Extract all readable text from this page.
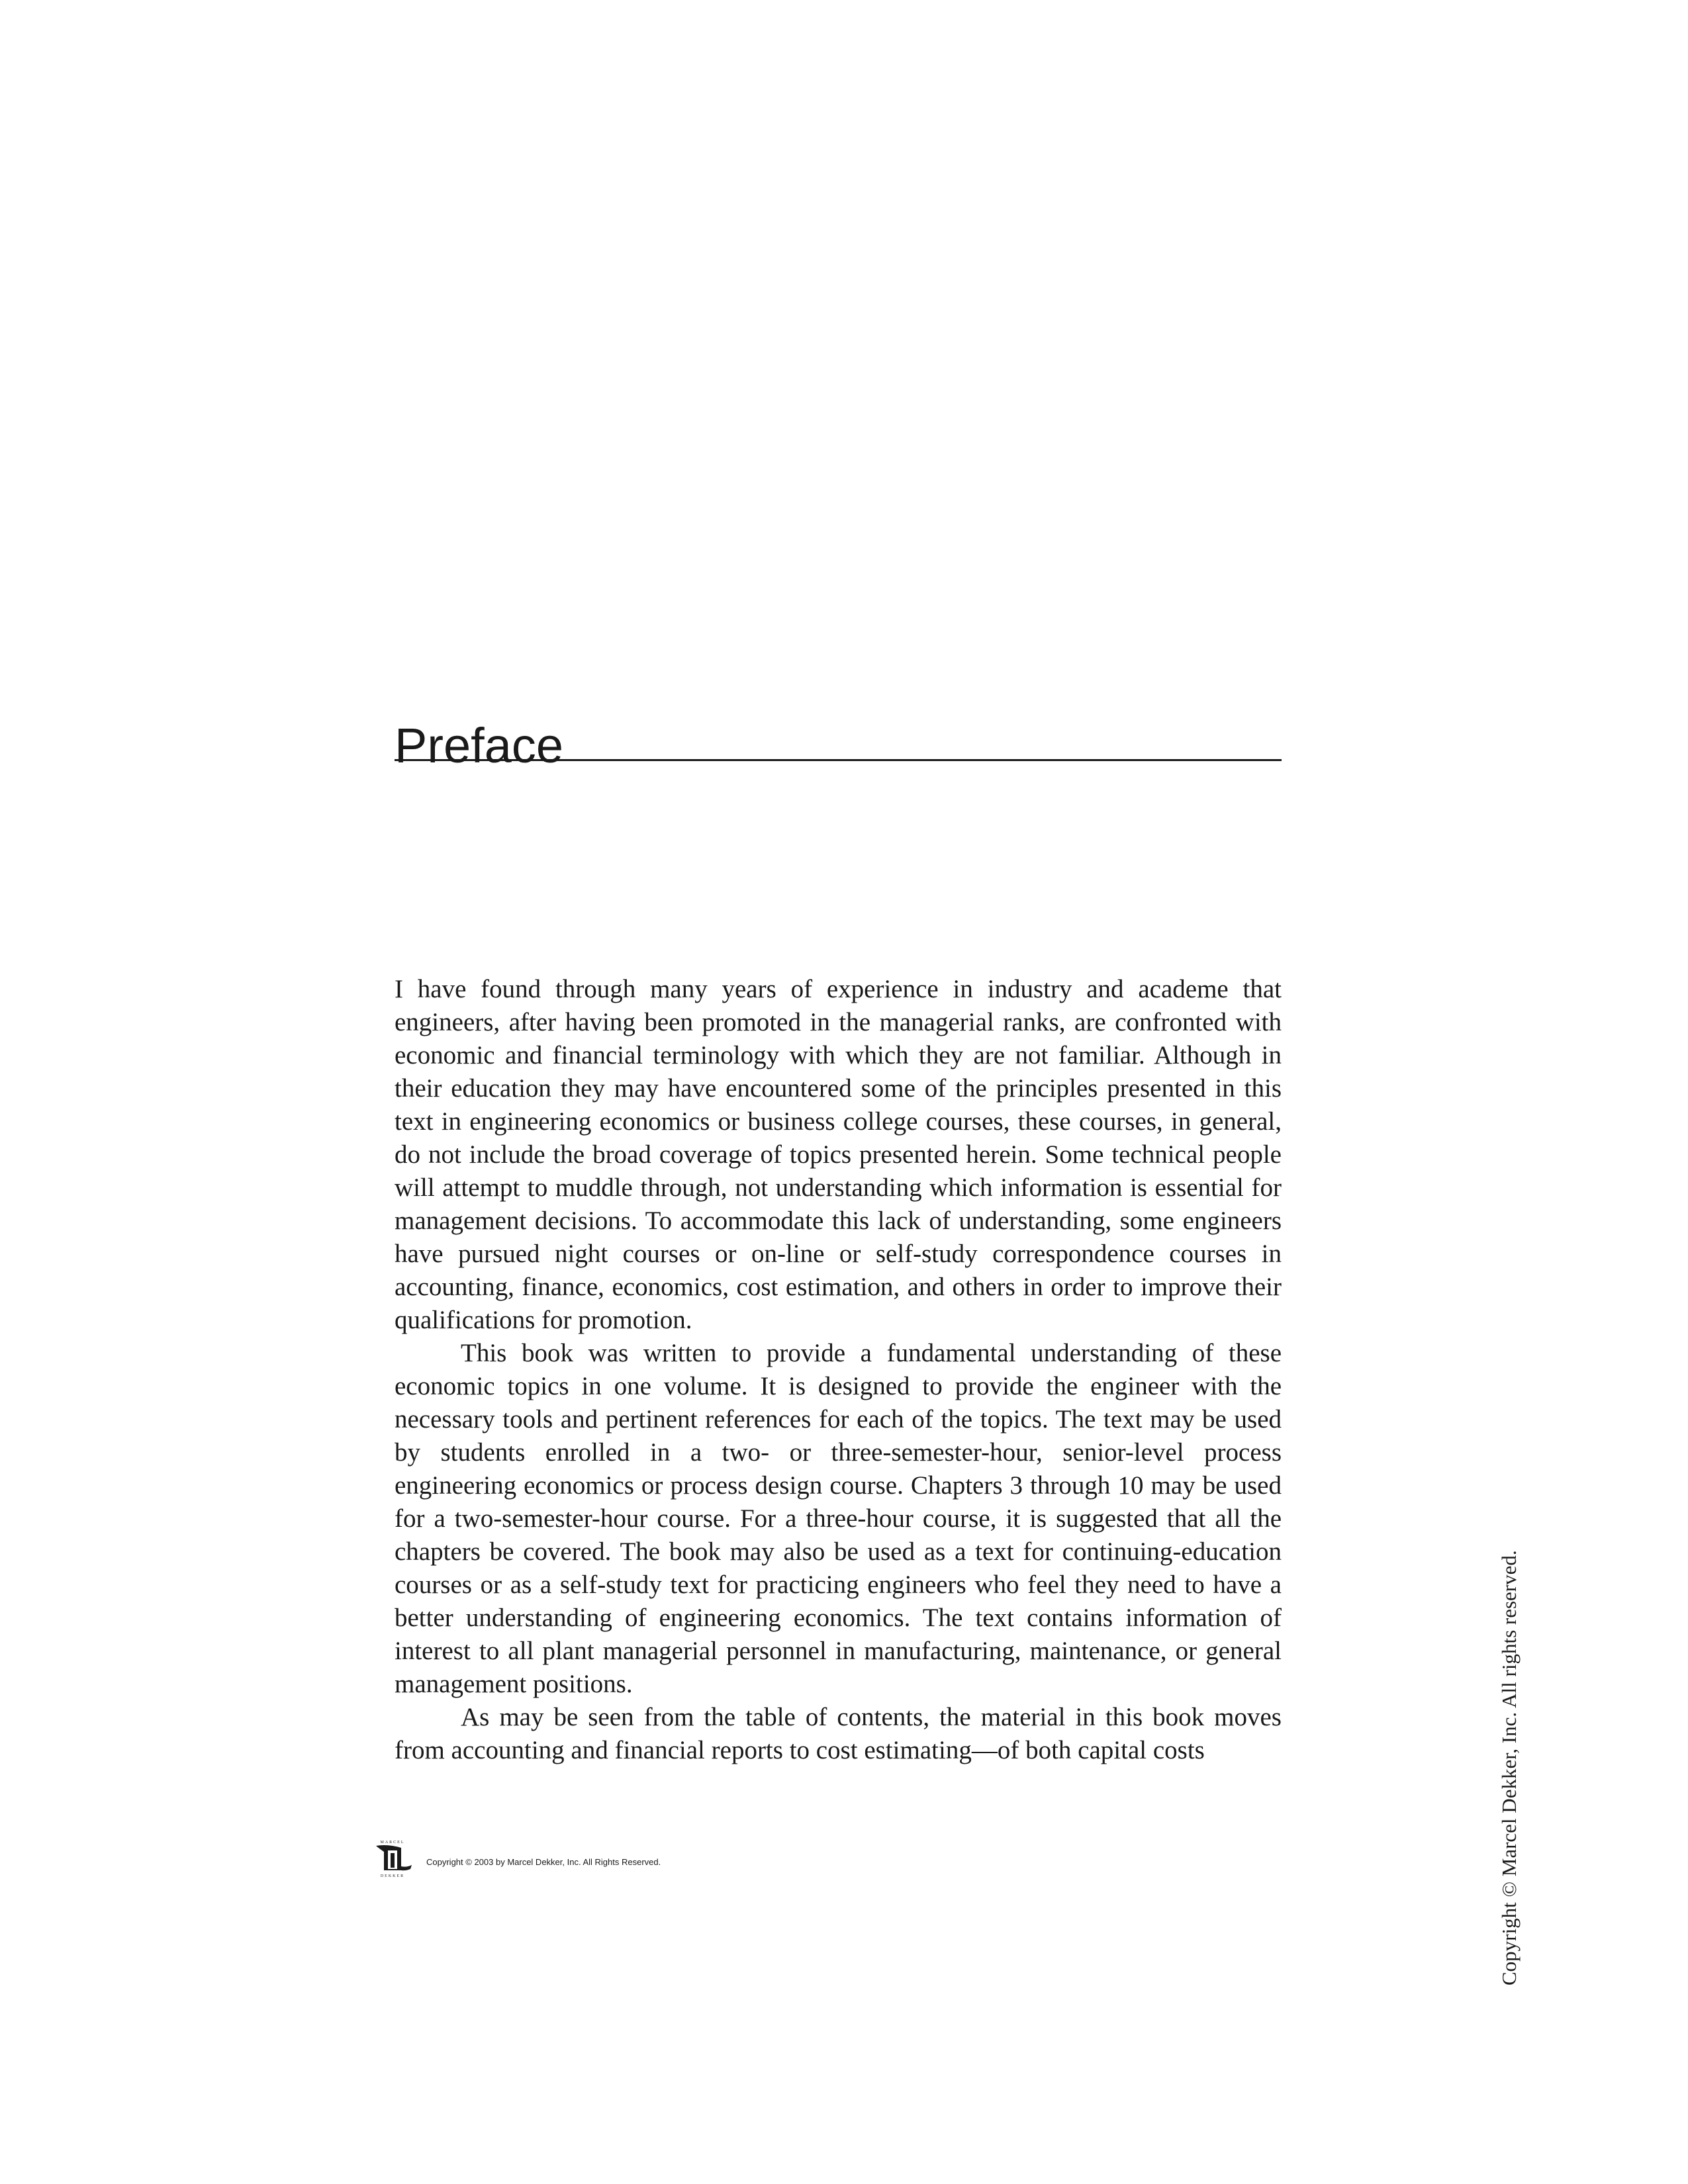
Preface

I have found through many years of experience in industry and academe that engineers, after having been promoted in the managerial ranks, are confronted with economic and financial terminology with which they are not familiar. Although in their education they may have encountered some of the principles presented in this text in engineering economics or business college courses, these courses, in general, do not include the broad coverage of topics presented herein. Some technical people will attempt to muddle through, not understanding which information is essential for management decisions. To accommodate this lack of understanding, some engineers have pursued night courses or on-line or self-study correspondence courses in accounting, finance, economics, cost estimation, and others in order to improve their qualifications for promotion.

This book was written to provide a fundamental understanding of these economic topics in one volume. It is designed to provide the engineer with the necessary tools and pertinent references for each of the topics. The text may be used by students enrolled in a two- or three-semester-hour, senior-level process engineering economics or process design course. Chapters 3 through 10 may be used for a two-semester-hour course. For a three-hour course, it is suggested that all the chapters be covered. The book may also be used as a text for continuing-education courses or as a self-study text for practicing engineers who feel they need to have a better understanding of engineering economics. The text contains information of interest to all plant managerial personnel in manufacturing, maintenance, or general management positions.

As may be seen from the table of contents, the material in this book moves from accounting and financial reports to cost estimating—of both capital costs

MARCEL
DEKKER
Copyright © 2003 by Marcel Dekker, Inc. All Rights Reserved.	Copyright © Marcel Dekker, Inc. All rights reserved.
